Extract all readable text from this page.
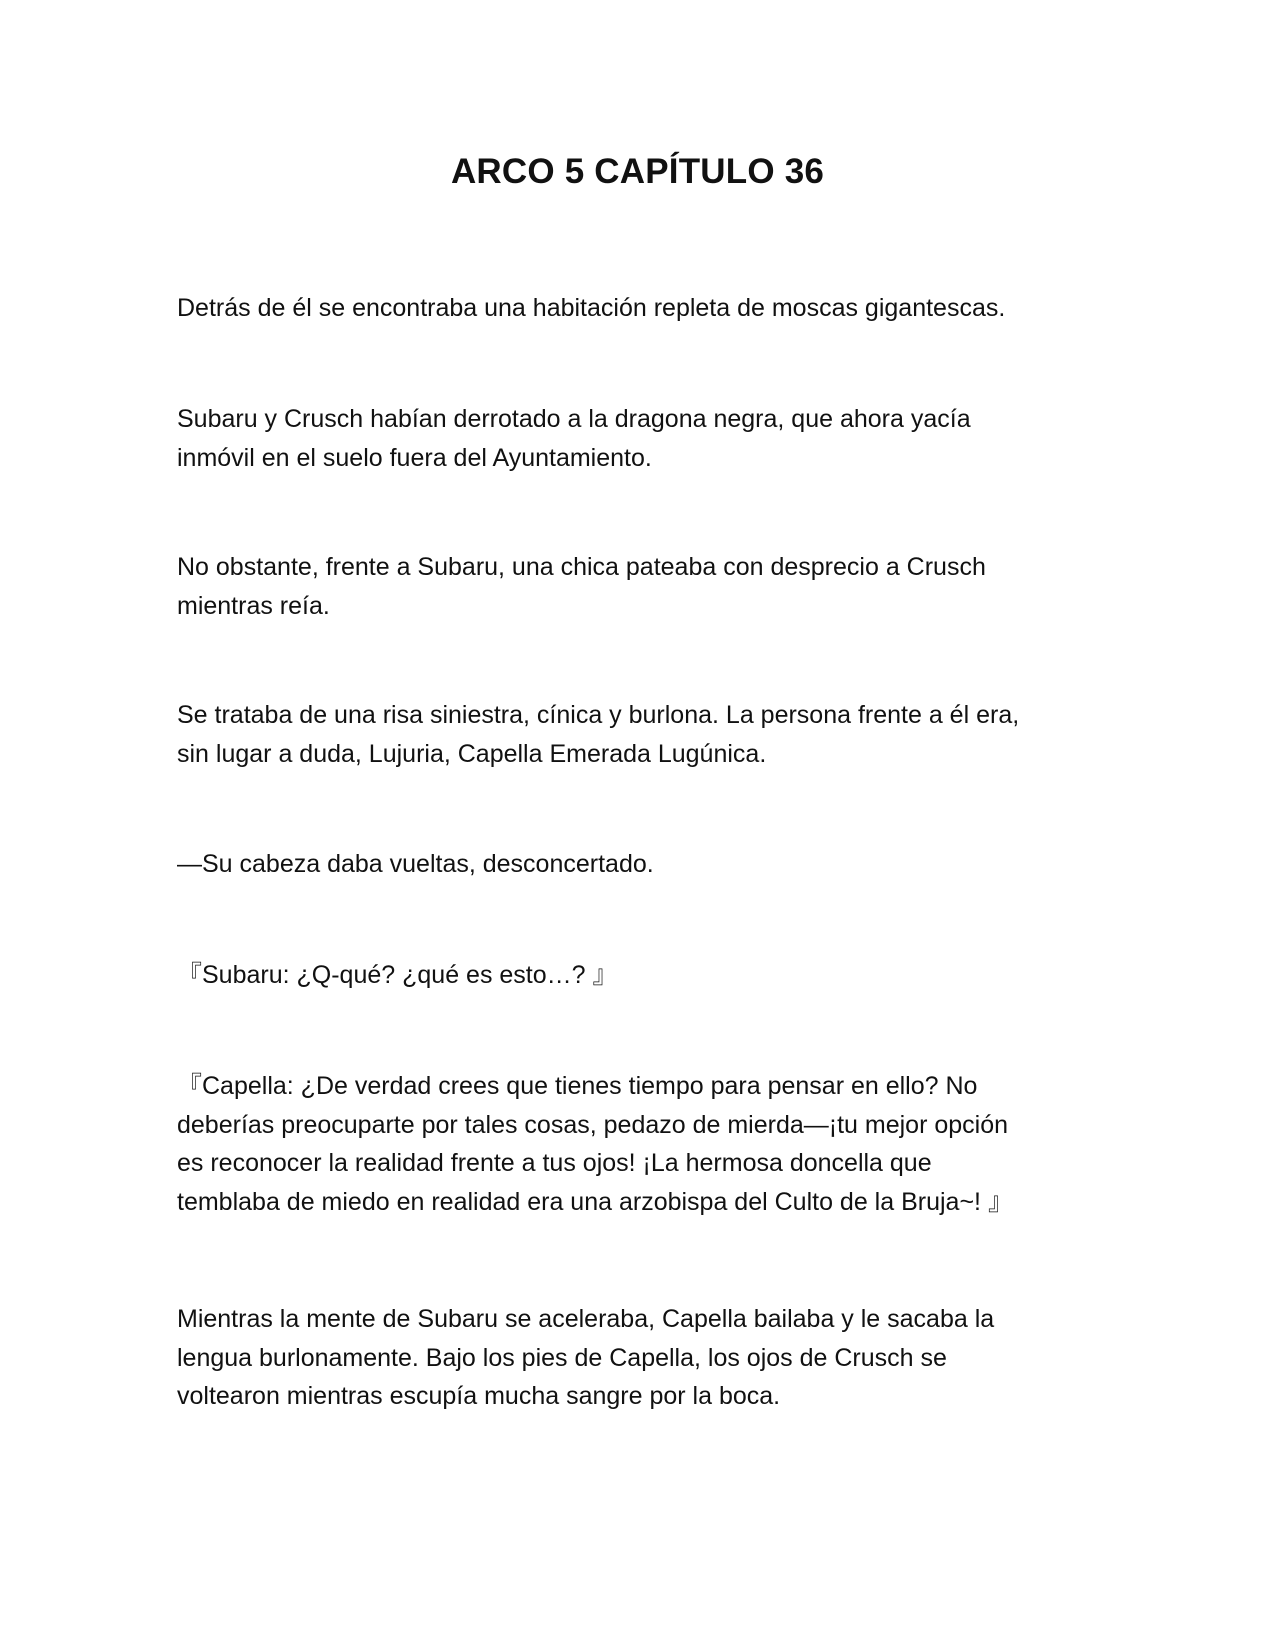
ARCO 5 CAPÍTULO 36

Detrás de él se encontraba una habitación repleta de moscas gigantescas.

Subaru y Crusch habían derrotado a la dragona negra, que ahora yacía
inmóvil en el suelo fuera del Ayuntamiento.

No obstante, frente a Subaru, una chica pateaba con desprecio a Crusch
mientras reía.

Se trataba de una risa siniestra, cínica y burlona. La persona frente a él era,
sin lugar a duda, Lujuria, Capella Emerada Lugúnica.

—Su cabeza daba vueltas, desconcertado.

『Subaru: ¿Q-qué? ¿qué es esto…? 』

『Capella: ¿De verdad crees que tienes tiempo para pensar en ello? No
deberías preocuparte por tales cosas, pedazo de mierda—¡tu mejor opción
es reconocer la realidad frente a tus ojos! ¡La hermosa doncella que
temblaba de miedo en realidad era una arzobispa del Culto de la Bruja~! 』

Mientras la mente de Subaru se aceleraba, Capella bailaba y le sacaba la
lengua burlonamente. Bajo los pies de Capella, los ojos de Crusch se
voltearon mientras escupía mucha sangre por la boca.
